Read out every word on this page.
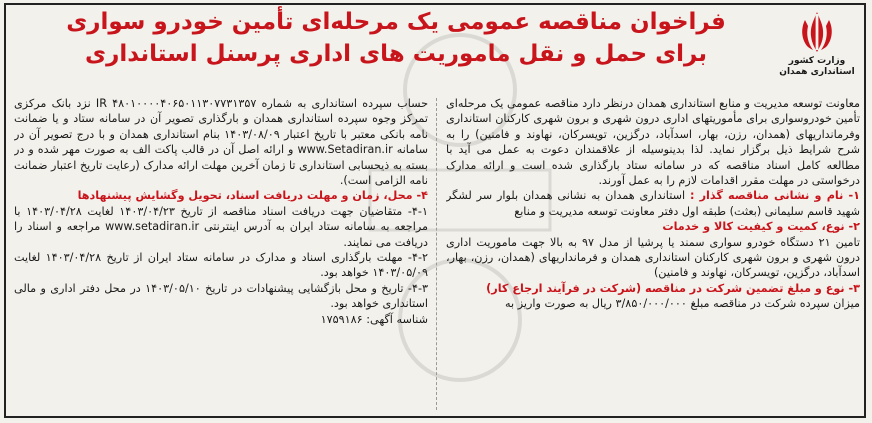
وزارت کشور
استانداری همدان
فراخوان مناقصه عمومی یک مرحله‌ای تأمین خودرو سواری
برای حمل و نقل ماموریت های اداری پرسنل استانداری

معاونت توسعه مدیریت و منابع استانداری همدان درنظر دارد مناقصه عمومی یک مرحله‌ای تأمین خودروسواری برای مأموریتهای اداری درون شهری و برون شهری کارکنان استانداری وفرمانداریهای (همدان، رزن، بهار، اسدآباد، درگزین، تویسرکان، نهاوند و فامنین) را به شرح شرایط ذیل برگزار نماید. لذا بدینوسیله از علاقمندان دعوت به عمل می آید با مطالعه کامل اسناد مناقصه که در سامانه ستاد بارگذاری شده است و ارائه مدارک درخواستی در مهلت مقرر اقدامات لازم را به عمل آورند.

۱- نام و نشانی مناقصه گذار : استانداری همدان به نشانی همدان بلوار سر لشگر شهید قاسم سلیمانی (بعثت) طبقه اول دفتر معاونت توسعه مدیریت و منابع

۲- نوع، کمیت و کیفیت کالا و خدمات

تامین ۲۱ دستگاه خودرو سواری سمند یا پرشیا از مدل ۹۷ به بالا جهت ماموریت اداری درون شهری و برون شهری کارکنان استانداری همدان و فرمانداریهای (همدان، رزن، بهار، اسدآباد، درگزین، تویسرکان، نهاوند و فامنین)

۳- نوع و مبلغ تضمین شرکت در مناقصه (شرکت در فرآیند ارجاع کار)

میزان سپرده شرکت در مناقصه مبلغ ۳/۸۵۰/۰۰۰/۰۰۰ ریال به صورت واریز به

حساب سپرده استانداری به شماره IR ۴۸۰۱۰۰۰۰۴۰۶۵۰۱۱۳۰۷۷۳۱۳۵۷ نزد بانک مرکزی تمرکز وجوه سپرده استانداری همدان و بارگذاری تصویر آن در سامانه ستاد و یا ضمانت نامه بانکی معتبر با تاریخ اعتبار ۱۴۰۳/۰۸/۰۹ بنام استانداری همدان و با درج تصویر آن در سامانه www.Setadiran.ir و ارائه اصل آن در قالب پاکت الف به صورت مهر شده و در بسته به ذیحسابی استانداری تا زمان آخرین مهلت ارائه مدارک (رعایت تاریخ اعتبار ضمانت نامه الزامی است).

۴- محل، زمان و مهلت دریافت اسناد، تحویل وگشایش پیشنهادها

۴-۱- متقاضیان جهت دریافت اسناد مناقصه از تاریخ ۱۴۰۳/۰۴/۲۳ لغایت ۱۴۰۳/۰۴/۲۸ با مراجعه به سامانه ستاد ایران به آدرس اینترنتی www.setadiran.ir مراجعه و اسناد را دریافت می نمایند.

۴-۲- مهلت بارگذاری اسناد و مدارک در سامانه ستاد ایران از تاریخ ۱۴۰۳/۰۴/۲۸ لغایت ۱۴۰۳/۰۵/۰۹ خواهد بود.

۴-۳- تاریخ و محل بازگشایی پیشنهادات در تاریخ ۱۴۰۳/۰۵/۱۰ در محل دفتر اداری و مالی استانداری خواهد بود.

شناسه آگهی: ۱۷۵۹۱۸۶
